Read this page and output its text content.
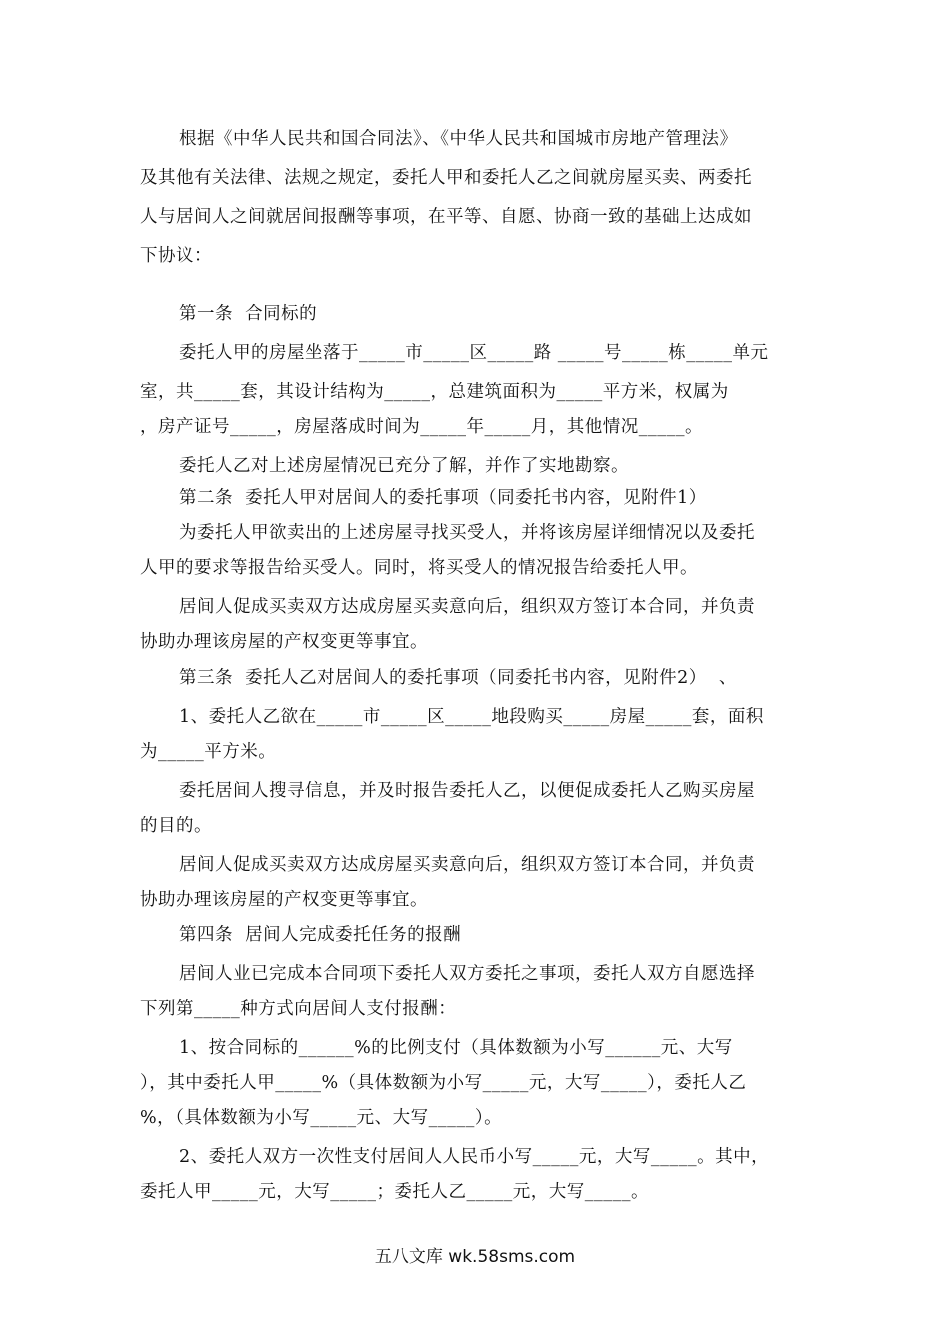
根据《中华人民共和国合同法》、《中华人民共和国城市房地产管理法》
及其他有关法律、法规之规定，委托人甲和委托人乙之间就房屋买卖、两委托
人与居间人之间就居间报酬等事项，在平等、自愿、协商一致的基础上达成如
下协议：
第一条  合同标的
委托人甲的房屋坐落于_____市_____区_____路 _____号_____栋_____单元
室，共_____套，其设计结构为_____，总建筑面积为_____平方米，权属为
，房产证号_____，房屋落成时间为_____年_____月，其他情况_____。
委托人乙对上述房屋情况已充分了解，并作了实地勘察。
第二条  委托人甲对居间人的委托事项（同委托书内容，见附件1）
为委托人甲欲卖出的上述房屋寻找买受人，并将该房屋详细情况以及委托
人甲的要求等报告给买受人。同时，将买受人的情况报告给委托人甲。
居间人促成买卖双方达成房屋买卖意向后，组织双方签订本合同，并负责
协助办理该房屋的产权变更等事宜。
第三条  委托人乙对居间人的委托事项（同委托书内容，见附件2）  、
1、委托人乙欲在_____市_____区_____地段购买_____房屋_____套，面积
为_____平方米。
委托居间人搜寻信息，并及时报告委托人乙，以便促成委托人乙购买房屋
的目的。
居间人促成买卖双方达成房屋买卖意向后，组织双方签订本合同，并负责
协助办理该房屋的产权变更等事宜。
第四条  居间人完成委托任务的报酬
居间人业已完成本合同项下委托人双方委托之事项，委托人双方自愿选择
下列第_____种方式向居间人支付报酬：
1、按合同标的______%的比例支付（具体数额为小写______元、大写
），其中委托人甲_____%（具体数额为小写_____元，大写_____），委托人乙
%，（具体数额为小写_____元、大写_____）。
2、委托人双方一次性支付居间人人民币小写_____元，大写_____。其中，
委托人甲_____元，大写_____；委托人乙_____元，大写_____。
五八文库 wk.58sms.com
